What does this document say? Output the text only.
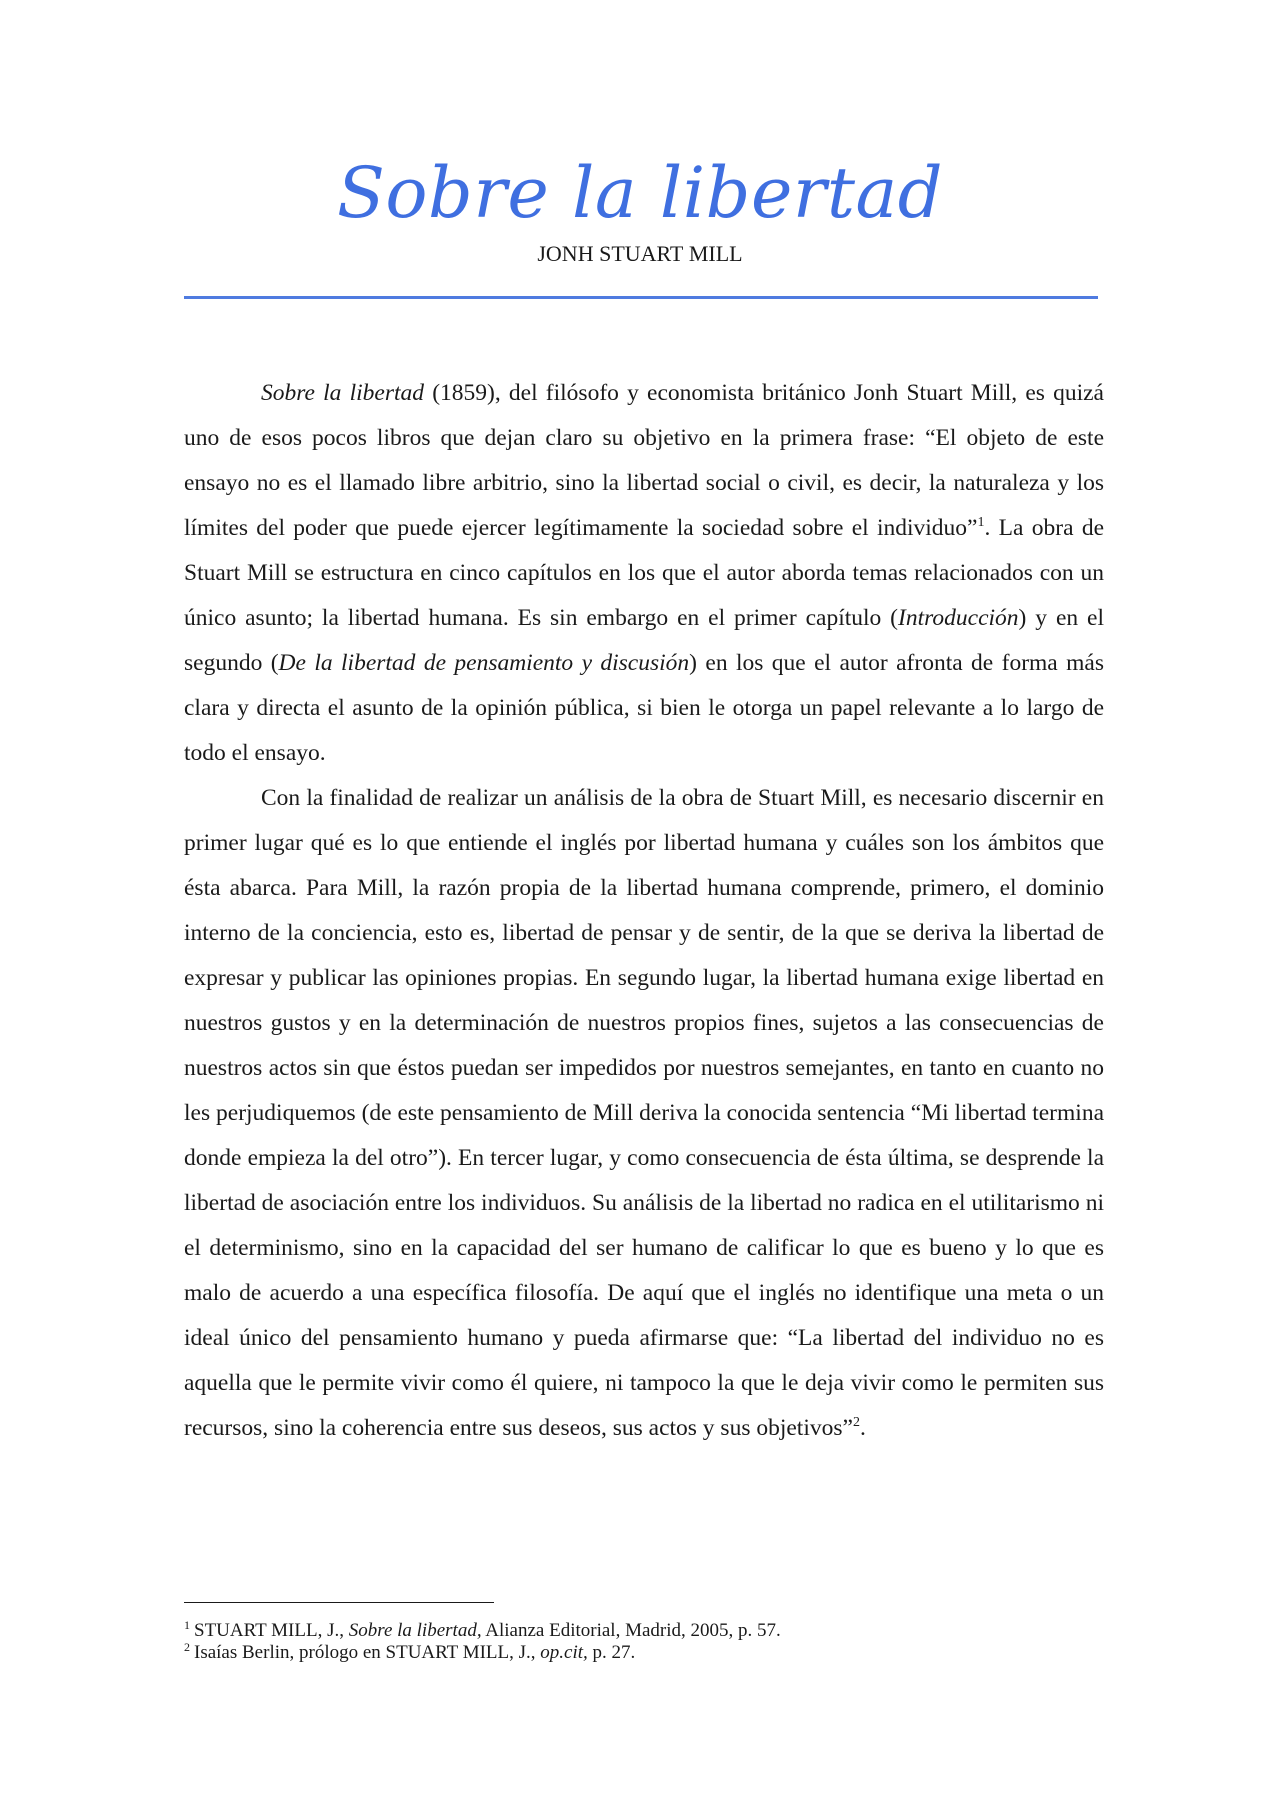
Sobre la libertad
JONH STUART MILL

Sobre la libertad (1859), del filósofo y economista británico Jonh Stuart Mill, es quizá uno de esos pocos libros que dejan claro su objetivo en la primera frase: “El objeto de este ensayo no es el llamado libre arbitrio, sino la libertad social o civil, es decir, la naturaleza y los límites del poder que puede ejercer legítimamente la sociedad sobre el individuo”$^1$. La obra de Stuart Mill se estructura en cinco capítulos en los que el autor aborda temas relacionados con un único asunto; la libertad humana. Es sin embargo en el primer capítulo (Introducción) y en el segundo (De la libertad de pensamiento y discusión) en los que el autor afronta de forma más clara y directa el asunto de la opinión pública, si bien le otorga un papel relevante a lo largo de todo el ensayo.

Con la finalidad de realizar un análisis de la obra de Stuart Mill, es necesario discernir en primer lugar qué es lo que entiende el inglés por libertad humana y cuáles son los ámbitos que ésta abarca. Para Mill, la razón propia de la libertad humana comprende, primero, el dominio interno de la conciencia, esto es, libertad de pensar y de sentir, de la que se deriva la libertad de expresar y publicar las opiniones propias. En segundo lugar, la libertad humana exige libertad en nuestros gustos y en la determinación de nuestros propios fines, sujetos a las consecuencias de nuestros actos sin que éstos puedan ser impedidos por nuestros semejantes, en tanto en cuanto no les perjudiquemos (de este pensamiento de Mill deriva la conocida sentencia “Mi libertad termina donde empieza la del otro”). En tercer lugar, y como consecuencia de ésta última, se desprende la libertad de asociación entre los individuos. Su análisis de la libertad no radica en el utilitarismo ni el determinismo, sino en la capacidad del ser humano de calificar lo que es bueno y lo que es malo de acuerdo a una específica filosofía. De aquí que el inglés no identifique una meta o un ideal único del pensamiento humano y pueda afirmarse que: “La libertad del individuo no es aquella que le permite vivir como él quiere, ni tampoco la que le deja vivir como le permiten sus recursos, sino la coherencia entre sus deseos, sus actos y sus objetivos”$^2$.

$^1$ STUART MILL, J., Sobre la libertad, Alianza Editorial, Madrid, 2005, p. 57.

$^2$ Isaías Berlin, prólogo en STUART MILL, J., op.cit, p. 27.
